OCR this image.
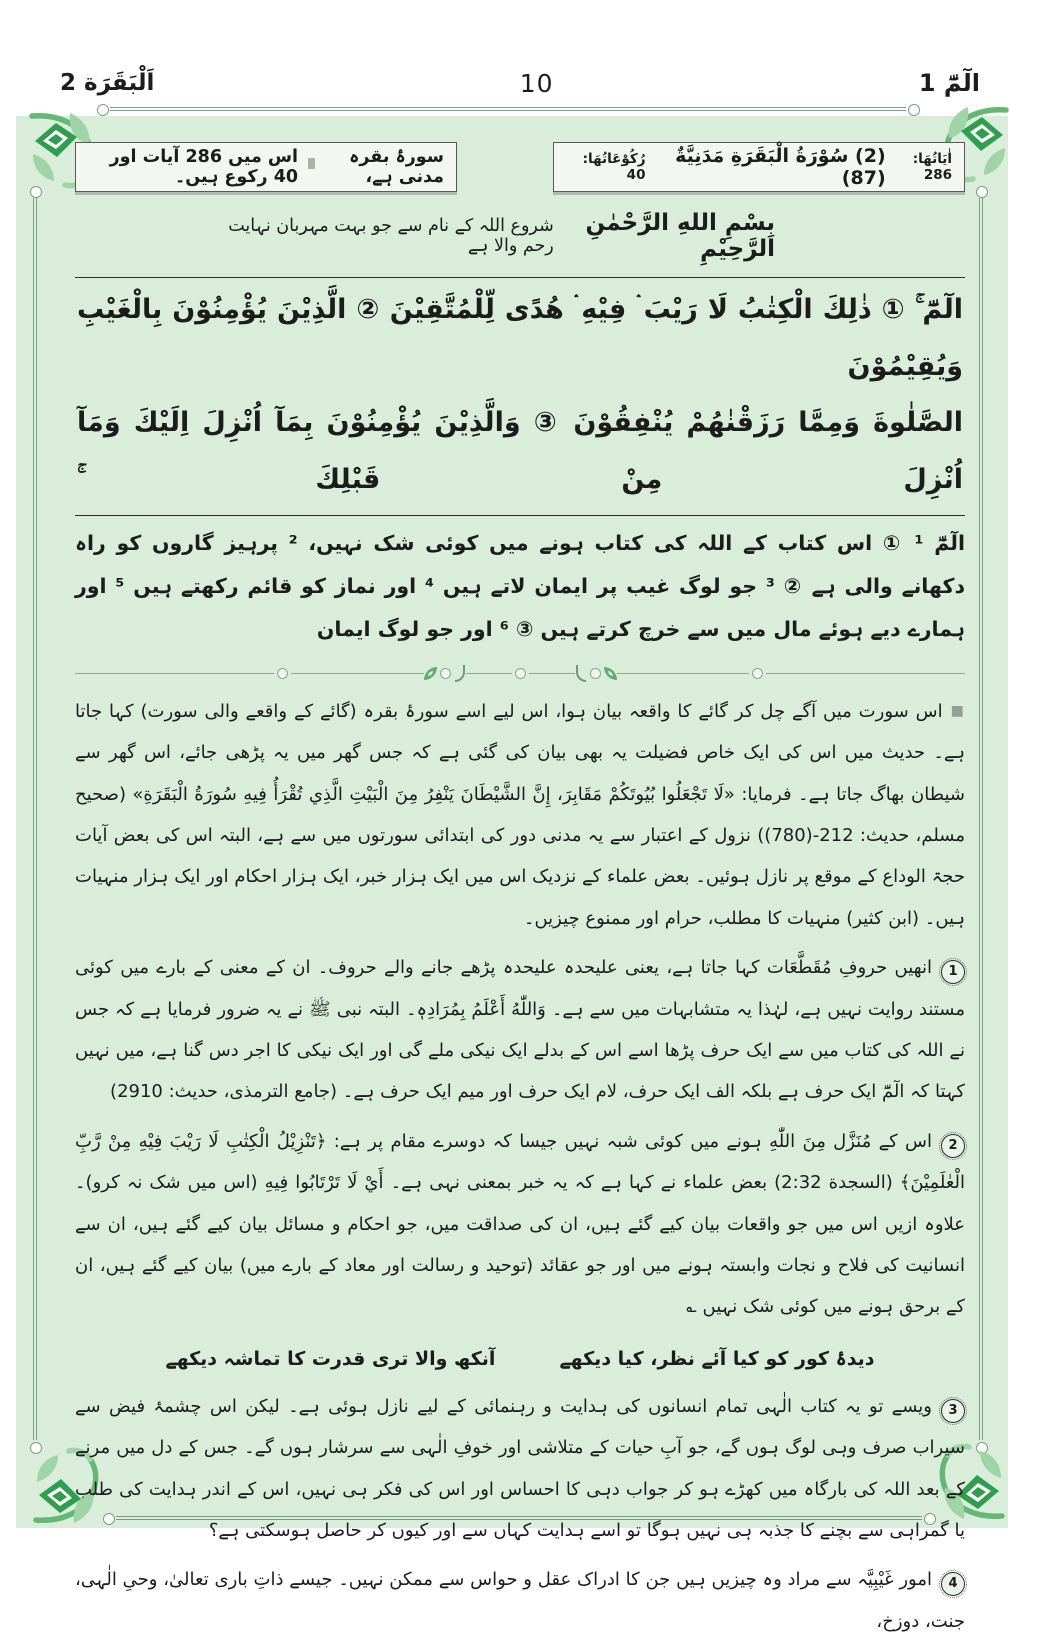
اَلْبَقَرَة 2	10	الٓمّٓ 1
اٰيَاتُهَا: 286
(2) سُوْرَةُ الْبَقَرَةِ مَدَنِيَّةٌ (87)
رُكُوْعَاتُهَا: 40
سورۂ بقرہ مدنی ہے،
اس میں 286 آیات اور 40 رکوع ہیں۔
بِسْمِ اللهِ الرَّحْمٰنِ الرَّحِيْمِ
شروع اللہ کے نام سے جو بہت مہربان نہایت رحم والا ہے
الٓمّٓ ۚ ① ذٰلِكَ الْكِتٰبُ لَا رَيْبَ ۛ فِيْهِ ۛ هُدًى لِّلْمُتَّقِيْنَ ② الَّذِيْنَ يُؤْمِنُوْنَ بِالْغَيْبِ وَيُقِيْمُوْنَ
الصَّلٰوةَ وَمِمَّا رَزَقْنٰهُمْ يُنْفِقُوْنَ ③ وَالَّذِيْنَ يُؤْمِنُوْنَ بِمَآ اُنْزِلَ اِلَيْكَ وَمَآ اُنْزِلَ مِنْ قَبْلِكَ ۚ
الٓمّٓ ¹ ① اس کتاب کے اللہ کی کتاب ہونے میں کوئی شک نہیں، ² پرہیز گاروں کو راہ دکھانے والی ہے ② ³ جو لوگ غیب پر ایمان لاتے ہیں ⁴ اور نماز کو قائم رکھتے ہیں ⁵ اور ہمارے دیے ہوئے مال میں سے خرچ کرتے ہیں ③ ⁶ اور جو لوگ ایمان
■اس سورت میں آگے چل کر گائے کا واقعہ بیان ہوا، اس لیے اسے سورۂ بقرہ (گائے کے واقعے والی سورت) کہا جاتا ہے۔ حدیث میں اس کی ایک خاص فضیلت یہ بھی بیان کی گئی ہے کہ جس گھر میں یہ پڑھی جائے، اس گھر سے شیطان بھاگ جاتا ہے۔ فرمایا: «لَا تَجْعَلُوا بُيُوتَكُمْ مَقَابِرَ، إِنَّ الشَّيْطَانَ يَنْفِرُ مِنَ الْبَيْتِ الَّذِي تُقْرَأُ فِيهِ سُورَةُ الْبَقَرَةِ» (صحیح مسلم، حدیث: 212-(780)) نزول کے اعتبار سے یہ مدنی دور کی ابتدائی سورتوں میں سے ہے، البتہ اس کی بعض آیات حجۃ الوداع کے موقع پر نازل ہوئیں۔ بعض علماء کے نزدیک اس میں ایک ہزار خبر، ایک ہزار احکام اور ایک ہزار منہیات ہیں۔ (ابن کثیر) منہیات کا مطلب، حرام اور ممنوع چیزیں۔
1انھیں حروفِ مُقَطَّعَات کہا جاتا ہے، یعنی علیحدہ علیحدہ پڑھے جانے والے حروف۔ ان کے معنی کے بارے میں کوئی مستند روایت نہیں ہے، لہٰذا یہ متشابہات میں سے ہے۔ وَاللّٰهُ أَعْلَمُ بِمُرَادِهٖ۔ البتہ نبی ﷺ نے یہ ضرور فرمایا ہے کہ جس نے اللہ کی کتاب میں سے ایک حرف پڑھا اسے اس کے بدلے ایک نیکی ملے گی اور ایک نیکی کا اجر دس گنا ہے، میں نہیں کہتا کہ الٓمّٓ ایک حرف ہے بلکہ الف ایک حرف، لام ایک حرف اور میم ایک حرف ہے۔ (جامع الترمذی، حدیث: 2910)
2اس کے مُنَزَّل مِنَ اللّٰهِ ہونے میں کوئی شبہ نہیں جیسا کہ دوسرے مقام پر ہے: ﴿تَنْزِيْلُ الْكِتٰبِ لَا رَيْبَ فِيْهِ مِنْ رَّبِّ الْعٰلَمِيْنَ﴾ (السجدة 2:32) بعض علماء نے کہا ہے کہ یہ خبر بمعنی نہی ہے۔ أَيْ لَا تَرْتَابُوا فِيهِ (اس میں شک نہ کرو)۔ علاوہ ازیں اس میں جو واقعات بیان کیے گئے ہیں، ان کی صداقت میں، جو احکام و مسائل بیان کیے گئے ہیں، ان سے انسانیت کی فلاح و نجات وابستہ ہونے میں اور جو عقائد (توحید و رسالت اور معاد کے بارے میں) بیان کیے گئے ہیں، ان کے برحق ہونے میں کوئی شک نہیں ؎
دیدۂ کور کو کیا آئے نظر، کیا دیکھے
آنکھ والا تری قدرت کا تماشہ دیکھے
3ویسے تو یہ کتاب الٰہی تمام انسانوں کی ہدایت و رہنمائی کے لیے نازل ہوئی ہے۔ لیکن اس چشمۂ فیض سے سیراب صرف وہی لوگ ہوں گے، جو آبِ حیات کے متلاشی اور خوفِ الٰہی سے سرشار ہوں گے۔ جس کے دل میں مرنے کے بعد اللہ کی بارگاہ میں کھڑے ہو کر جواب دہی کا احساس اور اس کی فکر ہی نہیں، اس کے اندر ہدایت کی طلب یا گمراہی سے بچنے کا جذبہ ہی نہیں ہوگا تو اسے ہدایت کہاں سے اور کیوں کر حاصل ہوسکتی ہے؟
4امور غَیْبِیَّہ سے مراد وہ چیزیں ہیں جن کا ادراک عقل و حواس سے ممکن نہیں۔ جیسے ذاتِ باری تعالیٰ، وحیِ الٰہی، جنت، دوزخ،
